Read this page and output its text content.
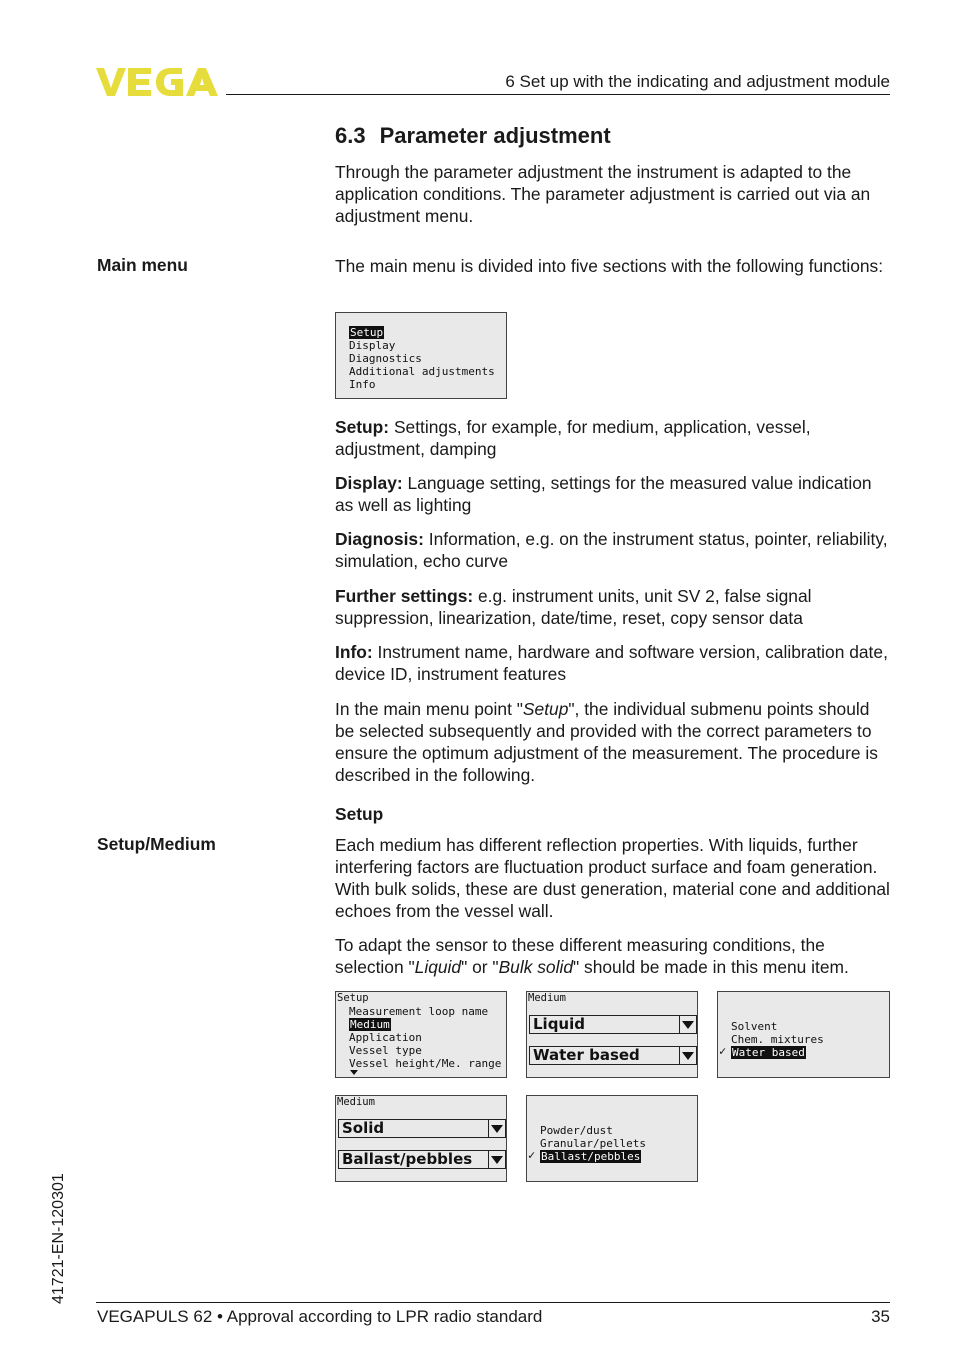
6 Set up with the indicating and adjustment module
6.3 Parameter adjustment

Through the parameter adjustment the instrument is adapted to the application conditions. The parameter adjustment is carried out via an adjustment menu.

Main menu	The main menu is divided into five sections with the following functions:

Setup
Display
Diagnostics
Additional adjustments
Info

Setup: Settings, for example, for medium, application, vessel, adjustment, damping

Display: Language setting, settings for the measured value indication as well as lighting

Diagnosis: Information, e.g. on the instrument status, pointer, reliability, simulation, echo curve

Further settings: e.g. instrument units, unit SV 2, false signal suppression, linearization, date/time, reset, copy sensor data

Info: Instrument name, hardware and software version, calibration date, device ID, instrument features

In the main menu point "Setup", the individual submenu points should be selected subsequently and provided with the correct parameters to ensure the optimum adjustment of the measurement. The procedure is described in the following.

Setup
Setup/Medium	Each medium has different reflection properties. With liquids, further interfering factors are fluctuation product surface and foam generation. With bulk solids, these are dust generation, material cone and additional echoes from the vessel wall.

To adapt the sensor to these different measuring conditions, the selection "Liquid" or "Bulk solid" should be made in this menu item.

Setup
Measurement loop name
Medium
Application
Vessel type
Vessel height/Me. range
Medium
Liquid
Water based
Solvent
Chem. mixtures
✓ Water based
Medium
Solid
Ballast/pebbles
Powder/dust
Granular/pellets
✓ Ballast/pebbles
41721-EN-120301
VEGAPULS 62 • Approval according to LPR radio standard	35
